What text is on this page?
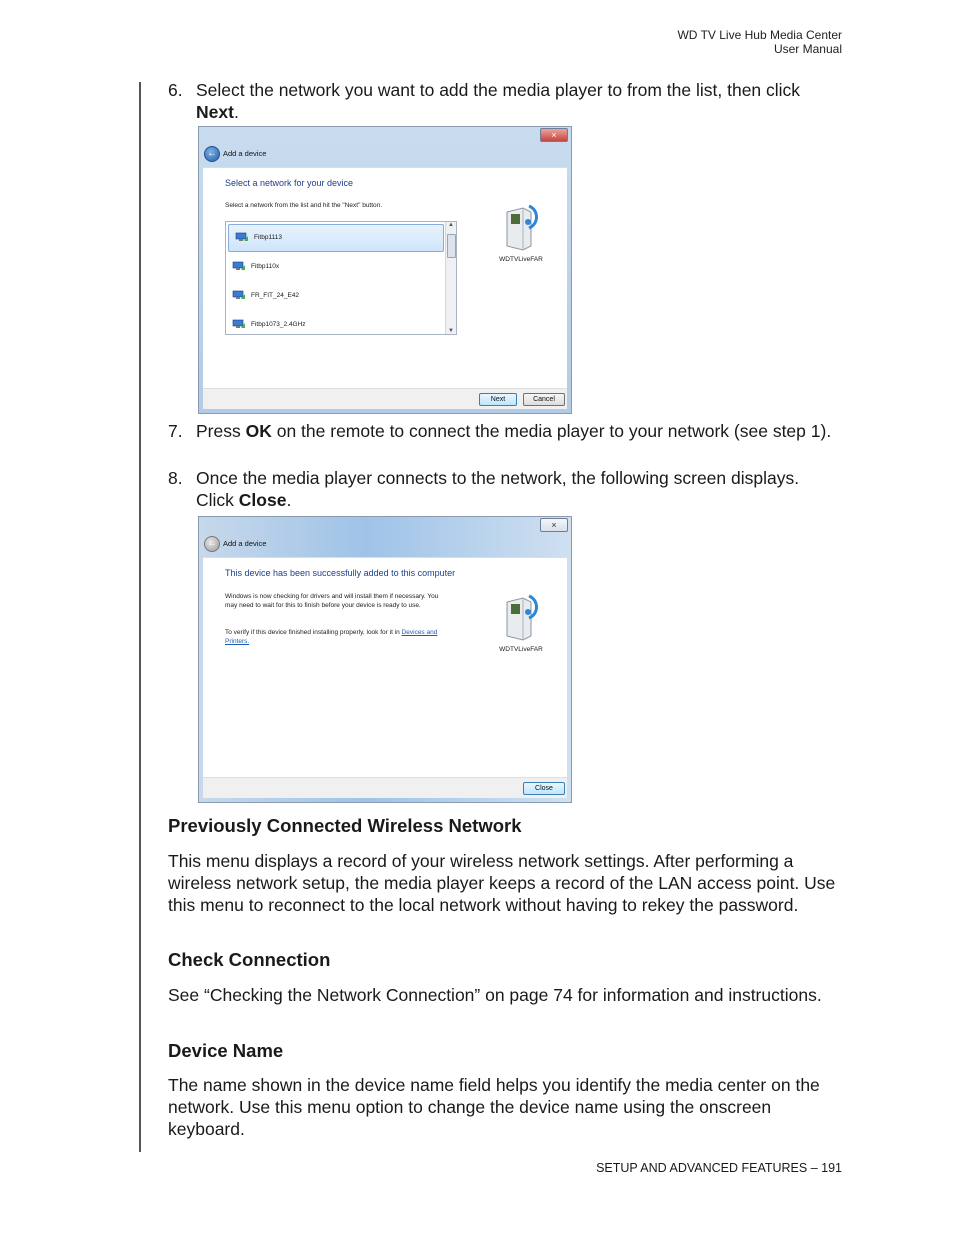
WD TV Live Hub Media Center
User Manual
6. Select the network you want to add the media player to from the list, then click Next.
×
← Add a device
Select a network for your device
Select a network from the list and hit the "Next" button.
Fitbp1113
Fitbp110x
FR_FIT_24_E42
Fitbp1073_2.4GHz
▲
▼
WDTVLiveFAR
Next	Cancel
7. Press OK on the remote to connect the media player to your network (see step 1).
8. Once the media player connects to the network, the following screen displays. Click Close.
×
← Add a device
This device has been successfully added to this computer
Windows is now checking for drivers and will install them if necessary. You may need to wait for this to finish before your device is ready to use.
To verify if this device finished installing properly, look for it in Devices and Printers.
WDTVLiveFAR
Close
Previously Connected Wireless Network
This menu displays a record of your wireless network settings. After performing a wireless network setup, the media player keeps a record of the LAN access point. Use this menu to reconnect to the local network without having to rekey the password.
Check Connection
See “Checking the Network Connection” on page 74 for information and instructions.
Device Name
The name shown in the device name field helps you identify the media center on the network. Use this menu option to change the device name using the onscreen keyboard.
SETUP AND ADVANCED FEATURES – 191
